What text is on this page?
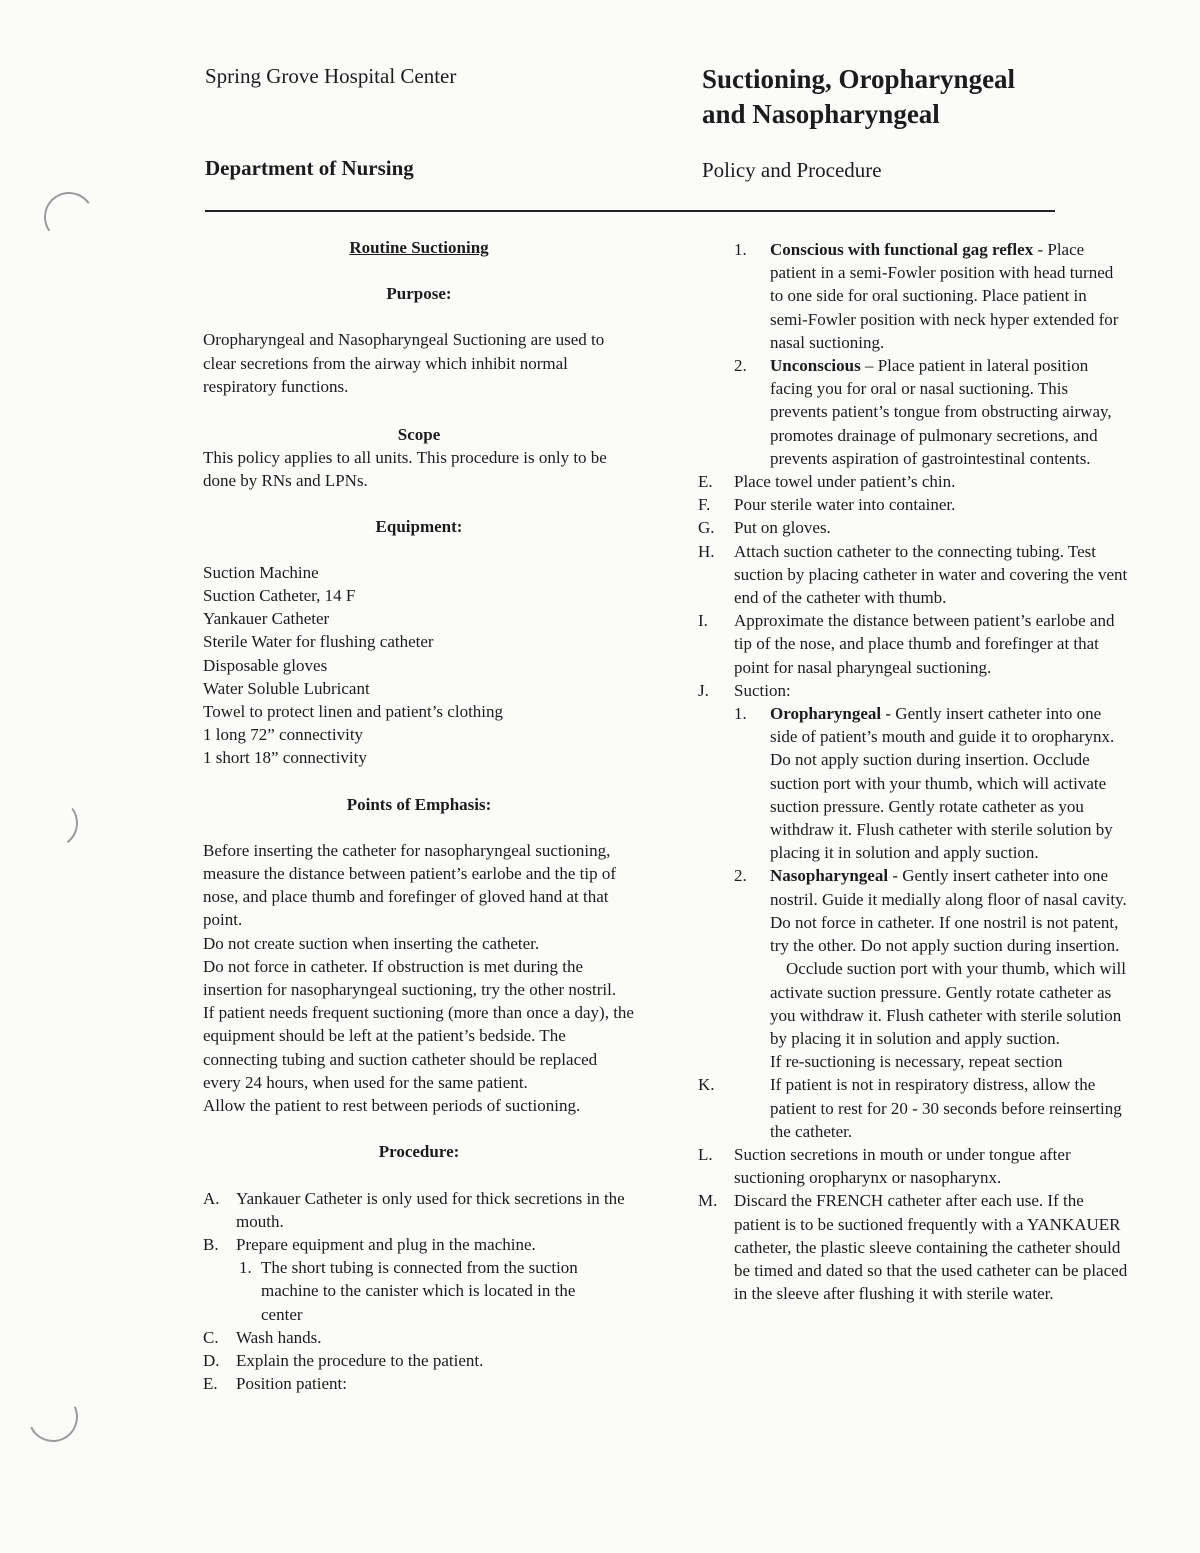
Spring Grove Hospital Center
Department of Nursing
Suctioning, Oropharyngeal
and Nasopharyngeal
Policy and Procedure
Routine Suctioning
Purpose:

Oropharyngeal and Nasopharyngeal Suctioning are used to clear secretions from the airway which inhibit normal respiratory functions.

Scope

This policy applies to all units. This procedure is only to be done by RNs and LPNs.

Equipment:
Suction Machine
Suction Catheter, 14 F
Yankauer Catheter
Sterile Water for flushing catheter
Disposable gloves
Water Soluble Lubricant
Towel to protect linen and patient’s clothing
1 long 72” connectivity
1 short 18” connectivity
Points of Emphasis:

Before inserting the catheter for nasopharyngeal suctioning, measure the distance between patient’s earlobe and the tip of nose, and place thumb and forefinger of gloved hand at that point.

Do not create suction when inserting the catheter.

Do not force in catheter. If obstruction is met during the insertion for nasopharyngeal suctioning, try the other nostril.

If patient needs frequent suctioning (more than once a day), the equipment should be left at the patient’s bedside. The connecting tubing and suction catheter should be replaced every 24 hours, when used for the same patient.

Allow the patient to rest between periods of suctioning.

Procedure:
A. Yankauer Catheter is only used for thick secretions in the mouth.
B.	Prepare equipment and plug in the machine.
1. The short tubing is connected from the suction machine to the canister which is located in the center
C.	Wash hands.
D. Explain the procedure to the patient.
E.	Position patient:
1.	Conscious with functional gag reflex - Place patient in a semi-Fowler position with head turned to one side for oral suctioning. Place patient in semi-Fowler position with neck hyper extended for nasal suctioning.
2.	Unconscious – Place patient in lateral position facing you for oral or nasal suctioning. This prevents patient’s tongue from obstructing airway, promotes drainage of pulmonary secretions, and prevents aspiration of gastrointestinal contents.
E.	Place towel under patient’s chin.
F.	Pour sterile water into container.
G.	Put on gloves.
H.	Attach suction catheter to the connecting tubing. Test suction by placing catheter in water and covering the vent end of the catheter with thumb.
I.	Approximate the distance between patient’s earlobe and tip of the nose, and place thumb and forefinger at that point for nasal pharyngeal suctioning.
J.	Suction:
1.	Oropharyngeal - Gently insert catheter into one side of patient’s mouth and guide it to oropharynx. Do not apply suction during insertion. Occlude suction port with your thumb, which will activate suction pressure. Gently rotate catheter as you withdraw it. Flush catheter with sterile solution by placing it in solution and apply suction.
2.	Nasopharyngeal - Gently insert catheter into one nostril. Guide it medially along floor of nasal cavity. Do not force in catheter. If one nostril is not patent, try the other. Do not apply suction during insertion.

Occlude suction port with your thumb, which will activate suction pressure. Gently rotate catheter as you withdraw it. Flush catheter with sterile solution by placing it in solution and apply suction.

If re-suctioning is necessary, repeat section

K.	If patient is not in respiratory distress, allow the patient to rest for 20 - 30 seconds before reinserting the catheter.
L.	Suction secretions in mouth or under tongue after suctioning oropharynx or nasopharynx.
M. Discard the FRENCH catheter after each use. If the patient is to be suctioned frequently with a YANKAUER catheter, the plastic sleeve containing the catheter should be timed and dated so that the used catheter can be placed in the sleeve after flushing it with sterile water.
